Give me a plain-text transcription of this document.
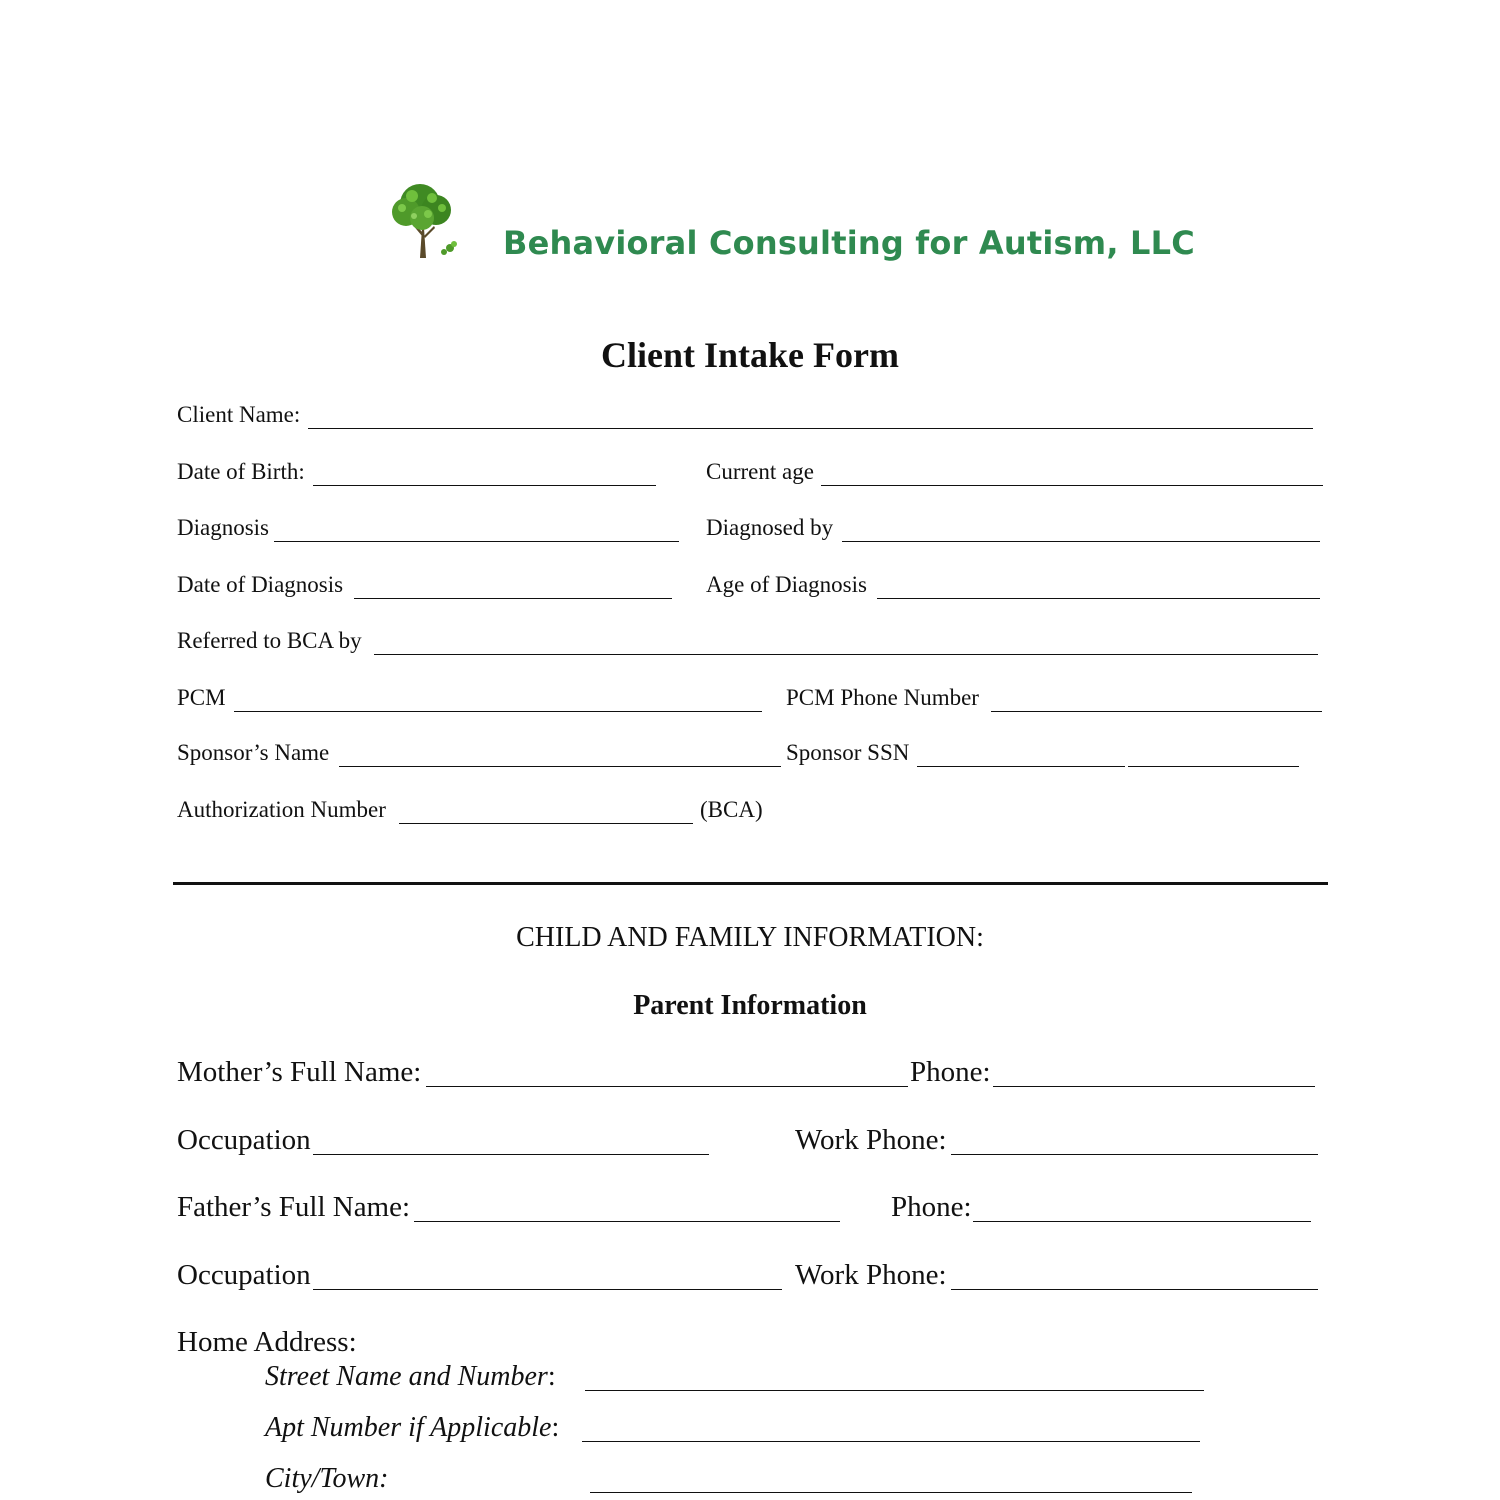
Behavioral Consulting for Autism, LLC
Client Intake Form
Client Name:
Date of Birth:	Current age
Diagnosis	Diagnosed by
Date of Diagnosis	Age of Diagnosis
Referred to BCA by
PCM	PCM Phone Number
Sponsor’s Name	Sponsor SSN
Authorization Number	(BCA)
CHILD AND FAMILY INFORMATION:
Parent Information
Mother’s Full Name:	Phone:
Occupation	Work Phone:
Father’s Full Name:	Phone:
Occupation	Work Phone:
Home Address:
Street Name and Number:
Apt Number if Applicable:
City/Town:
